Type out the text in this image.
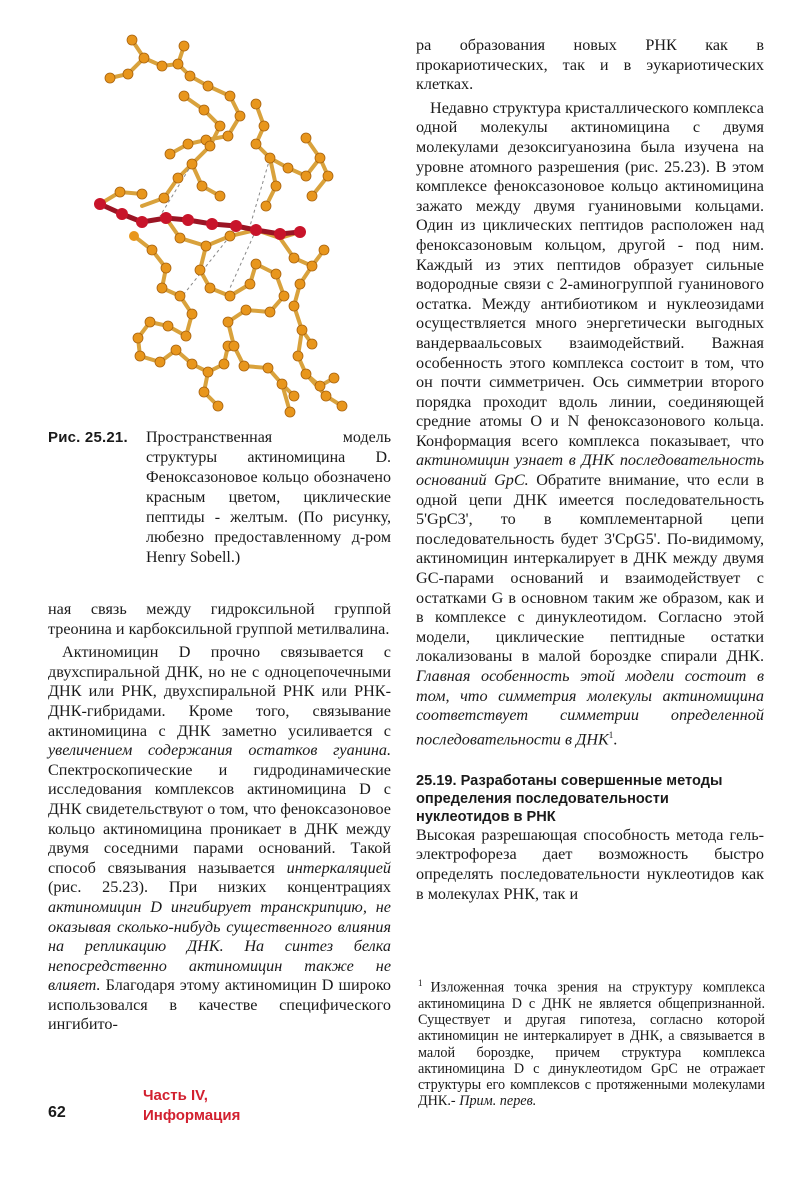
Рис. 25.21. Пространственная модель структуры актиномицина D. Феноксазоновое кольцо обозначено красным цветом, циклические пептиды - желтым. (По рисунку, любезно предоставленному д-ром Henry Sobell.)

ная связь между гидроксильной группой треонина и карбоксильной группой метилвалина.

Актиномицин D прочно связывается с двухспиральной ДНК, но не с одноцепочечными ДНК или РНК, двухспиральной РНК или РНК-ДНК-гибридами. Кроме того, связывание актиномицина с ДНК заметно усиливается с увеличением содержания остатков гуанина. Спектроскопические и гидродинамические исследования комплексов актиномицина D с ДНК свидетельствуют о том, что феноксазоновое кольцо актиномицина проникает в ДНК между двумя соседними парами оснований. Такой способ связывания называется интеркаляцией (рис. 25.23). При низких концентрациях актиномицин D ингибирует транскрипцию, не оказывая сколько-нибудь существенного влияния на репликацию ДНК. На синтез белка непосредственно актиномицин также не влияет. Благодаря этому актиномицин D широко использовался в качестве специфического ингибито-

ра образования новых РНК как в прокариотических, так и в эукариотических клетках.

Недавно структура кристаллического комплекса одной молекулы актиномицина с двумя молекулами дезоксигуанозина была изучена на уровне атомного разрешения (рис. 25.23). В этом комплексе феноксазоновое кольцо актиномицина зажато между двумя гуаниновыми кольцами. Один из циклических пептидов расположен над феноксазоновым кольцом, другой - под ним. Каждый из этих пептидов образует сильные водородные связи с 2-аминогруппой гуанинового остатка. Между антибиотиком и нуклеозидами осуществляется много энергетически выгодных вандерваальсовых взаимодействий. Важная особенность этого комплекса состоит в том, что он почти симметричен. Ось симметрии второго порядка проходит вдоль линии, соединяющей средние атомы O и N феноксазонового кольца. Конформация всего комплекса показывает, что актиномицин узнает в ДНК последовательность оснований GpC. Обратите внимание, что если в одной цепи ДНК имеется последовательность 5'GpC3', то в комплементарной цепи последовательность будет 3'CpG5'. По-видимому, актиномицин интеркалирует в ДНК между двумя GC-парами оснований и взаимодействует с остатками G в основном таким же образом, как и в комплексе с динуклеотидом. Согласно этой модели, циклические пептидные остатки локализованы в малой бороздке спирали ДНК. Главная особенность этой модели состоит в том, что симметрия молекулы актиномицина соответствует симметрии определенной последовательности в ДНК$^1$.

25.19. Разработаны совершенные методы определения последовательности нуклеотидов в РНК

Высокая разрешающая способность метода гель-электрофореза дает возможность быстро определять последовательности нуклеотидов как в молекулах РНК, так и

$^1$ Изложенная точка зрения на структуру комплекса актиномицина D с ДНК не является общепризнанной. Существует и другая гипотеза, согласно которой актиномицин не интеркалирует в ДНК, а связывается в малой бороздке, причем структура комплекса актиномицина D с динуклеотидом GpC не отражает структуры его комплексов с протяженными молекулами ДНК.- Прим. перев.
62
Часть IV,
Информация
